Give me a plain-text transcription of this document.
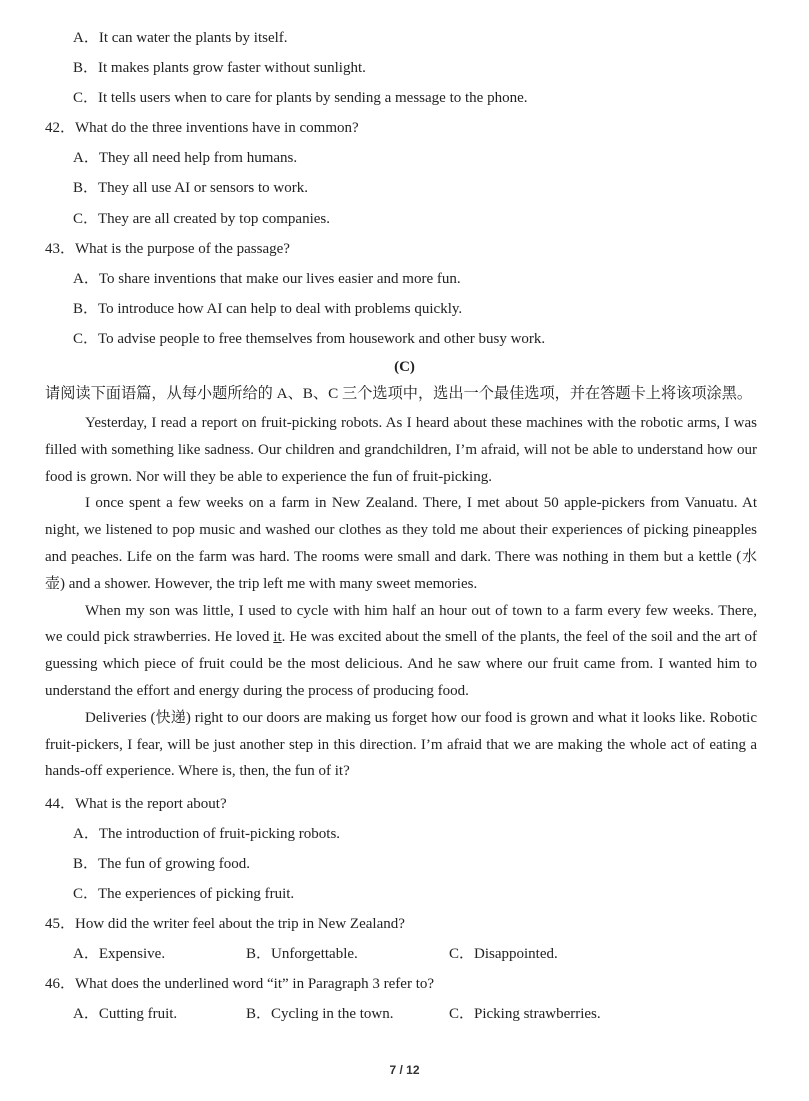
A．It can water the plants by itself.
B．It makes plants grow faster without sunlight.
C．It tells users when to care for plants by sending a message to the phone.
42．What do the three inventions have in common?
A．They all need help from humans.
B．They all use AI or sensors to work.
C．They are all created by top companies.
43．What is the purpose of the passage?
A．To share inventions that make our lives easier and more fun.
B．To introduce how AI can help to deal with problems quickly.
C．To advise people to free themselves from housework and other busy work.
(C)
请阅读下面语篇，从每小题所给的 A、B、C 三个选项中，选出一个最佳选项，并在答题卡上将该项涂黑。

Yesterday, I read a report on fruit-picking robots. As I heard about these machines with the robotic arms, I was filled with something like sadness. Our children and grandchildren, I’m afraid, will not be able to understand how our food is grown. Nor will they be able to experience the fun of fruit-picking.

I once spent a few weeks on a farm in New Zealand. There, I met about 50 apple-pickers from Vanuatu. At night, we listened to pop music and washed our clothes as they told me about their experiences of picking pineapples and peaches. Life on the farm was hard. The rooms were small and dark. There was nothing in them but a kettle (水壶) and a shower. However, the trip left me with many sweet memories.

When my son was little, I used to cycle with him half an hour out of town to a farm every few weeks. There, we could pick strawberries. He loved it. He was excited about the smell of the plants, the feel of the soil and the art of guessing which piece of fruit could be the most delicious. And he saw where our fruit came from. I wanted him to understand the effort and energy during the process of producing food.

Deliveries (快递) right to our doors are making us forget how our food is grown and what it looks like. Robotic fruit-pickers, I fear, will be just another step in this direction. I’m afraid that we are making the whole act of eating a hands-off experience. Where is, then, the fun of it?

44．What is the report about?
A．The introduction of fruit-picking robots.
B．The fun of growing food.
C．The experiences of picking fruit.
45．How did the writer feel about the trip in New Zealand?
A．Expensive.	B．Unforgettable.	C．Disappointed.
46．What does the underlined word “it” in Paragraph 3 refer to?
A．Cutting fruit.	B．Cycling in the town.	C．Picking strawberries.
7 / 12
